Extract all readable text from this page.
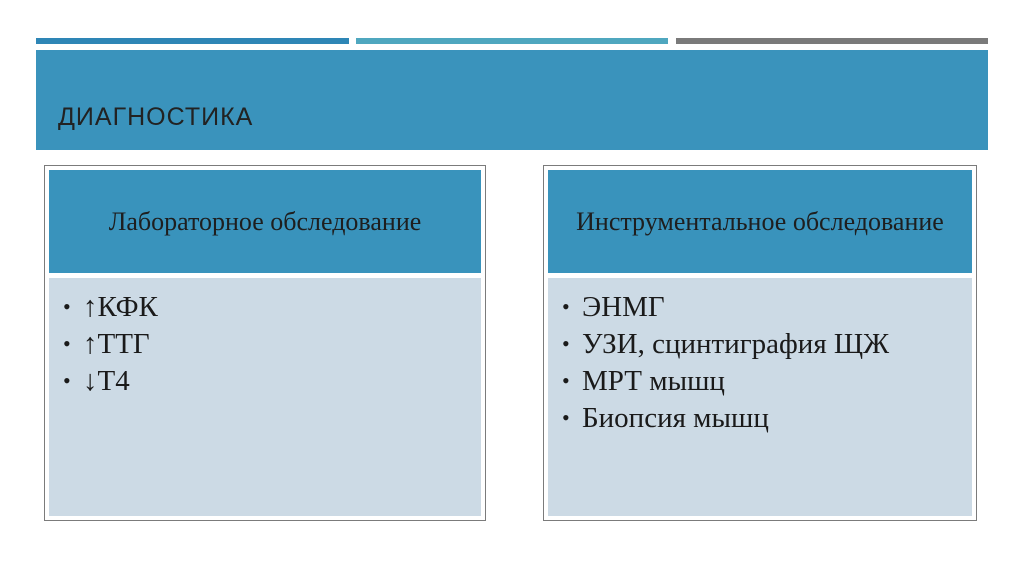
ДИАГНОСТИКА
Лабораторное обследование
• ↑КФК
• ↑ТТГ
• ↓Т4
Инструментальное обследование
• ЭНМГ
• УЗИ, сцинтиграфия ЩЖ
• МРТ мышц
• Биопсия мышц
